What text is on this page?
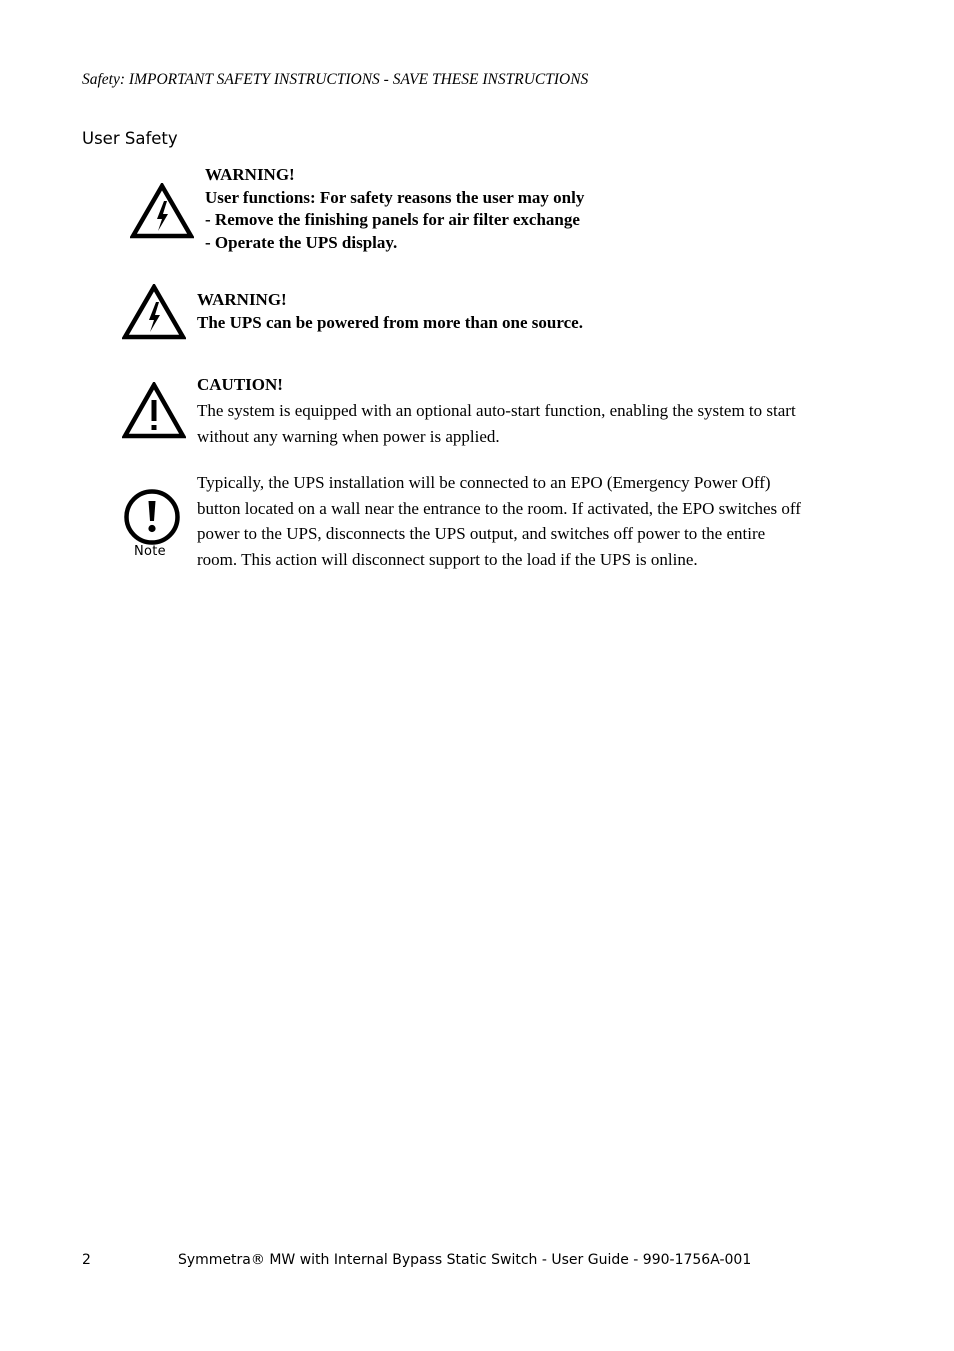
Safety: IMPORTANT SAFETY INSTRUCTIONS - SAVE THESE INSTRUCTIONS
User Safety
WARNING!
User functions: For safety reasons the user may only
- Remove the finishing panels for air filter exchange
- Operate the UPS display.
WARNING!
The UPS can be powered from more than one source.
CAUTION!
The system is equipped with an optional auto-start function, enabling the system to start
without any warning when power is applied.
Note
Typically, the UPS installation will be connected to an EPO (Emergency Power Off)
button located on a wall near the entrance to the room. If activated, the EPO switches off
power to the UPS, disconnects the UPS output, and switches off power to the entire
room. This action will disconnect support to the load if the UPS is online.
2	Symmetra® MW with Internal Bypass Static Switch - User Guide - 990-1756A-001
